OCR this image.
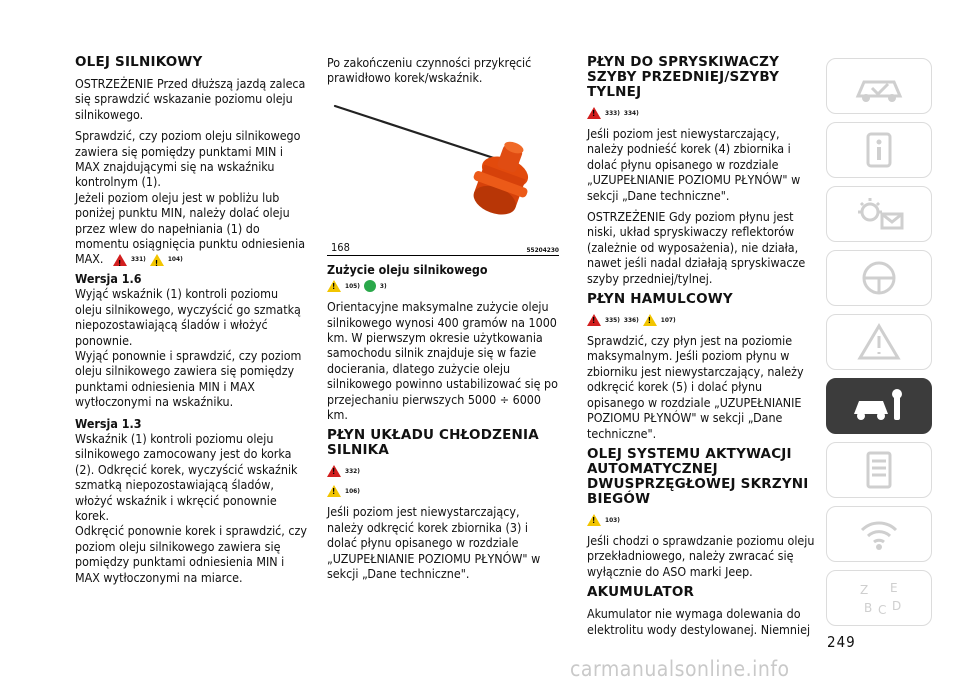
OLEJ SILNIKOWY
OSTRZEŻENIE Przed dłuższą jazdą zaleca się sprawdzić wskazanie poziomu oleju silnikowego.
Sprawdzić, czy poziom oleju silnikowego zawiera się pomiędzy punktami MIN i MAX znajdującymi się na wskaźniku kontrolnym (1).
Jeżeli poziom oleju jest w pobliżu lub poniżej punktu MIN, należy dolać oleju przez wlew do napełniania (1) do momentu osiągnięcia punktu odniesienia MAX. !	331) !	104)
Wersja 1.6
Wyjąć wskaźnik (1) kontroli poziomu oleju silnikowego, wyczyścić go szmatką niepozostawiającą śladów i włożyć ponownie.
Wyjąć ponownie i sprawdzić, czy poziom oleju silnikowego zawiera się pomiędzy punktami odniesienia MIN i MAX wytłoczonymi na wskaźniku.
Wersja 1.3
Wskaźnik (1) kontroli poziomu oleju silnikowego zamocowany jest do korka (2). Odkręcić korek, wyczyścić wskaźnik szmatką niepozostawiającą śladów, włożyć wskaźnik i wkręcić ponownie korek.
Odkręcić ponownie korek i sprawdzić, czy poziom oleju silnikowego zawiera się pomiędzy punktami odniesienia MIN i MAX wytłoczonymi na miarce.
Po zakończeniu czynności przykręcić prawidłowo korek/wskaźnik.
168	55204230
Zużycie oleju silnikowego
!
105)	3)
Orientacyjne maksymalne zużycie oleju silnikowego wynosi 400 gramów na 1000 km. W pierwszym okresie użytkowania samochodu silnik znajduje się w fazie docierania, dlatego zużycie oleju silnikowego powinno ustabilizować się po przejechaniu pierwszych 5000 ÷ 6000 km.
PŁYN UKŁADU CHŁODZENIA SILNIKA
!
332)
!
106)
Jeśli poziom jest niewystarczający, należy odkręcić korek zbiornika (3) i dolać płynu opisanego w rozdziale „UZUPEŁNIANIE POZIOMU PŁYNÓW" w sekcji „Dane techniczne".
PŁYN DO SPRYSKIWACZY SZYBY PRZEDNIEJ/SZYBY TYLNEJ
!
333) 334)
Jeśli poziom jest niewystarczający, należy podnieść korek (4) zbiornika i dolać płynu opisanego w rozdziale „UZUPEŁNIANIE POZIOMU PŁYNÓW" w sekcji „Dane techniczne".
OSTRZEŻENIE Gdy poziom płynu jest niski, układ spryskiwaczy reflektorów (zależnie od wyposażenia), nie działa, nawet jeśli nadal działają spryskiwacze szyby przedniej/tylnej.
PŁYN HAMULCOWY
!
335) 336) !	107)
Sprawdzić, czy płyn jest na poziomie maksymalnym. Jeśli poziom płynu w zbiorniku jest niewystarczający, należy odkręcić korek (5) i dolać płynu opisanego w rozdziale „UZUPEŁNIANIE POZIOMU PŁYNÓW" w sekcji „Dane techniczne".
OLEJ SYSTEMU AKTYWACJI AUTOMATYCZNEJ DWUSPRZĘGŁOWEJ SKRZYNI BIEGÓW
!
103)
Jeśli chodzi o sprawdzanie poziomu oleju przekładniowego, należy zwracać się wyłącznie do ASO marki Jeep.
AKUMULATOR
Akumulator nie wymaga dolewania do elektrolitu wody destylowanej. Niemniej
Z E
B C D
249
carmanualsonline.info
